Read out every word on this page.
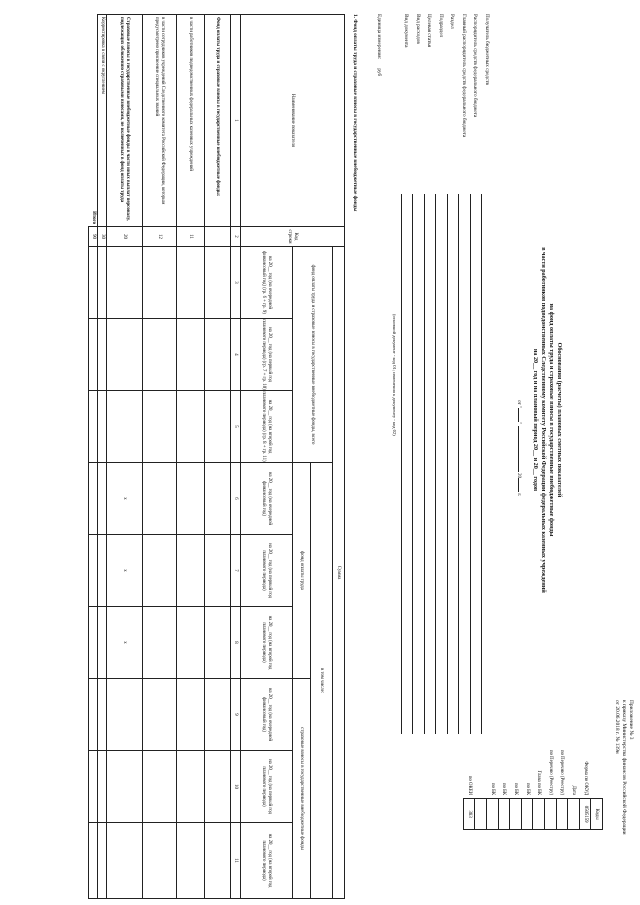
Приложение № 3
к приказу Министерства финансов Российской Федерации
от 20.06.2018 г. № 139н
Обоснования (расчеты) плановых сметных показателей
на фонд оплаты труда и страховые взносы в государственные внебюджетные фонды
в части работников подведомственных Следственному комитету Российской Федерации федеральных казенных учреждений
на 20__ год и на плановый период 20__ и 20__ годов
от ""  20 г.
	Коды
Форма по ОКУД	0505159
Дата	
по Перечню (Реестру)	
по Перечню (Реестру)	
Глава по БК	
по БК	
по БК	
по БК	
по БК	

по ОКЕИ	383
Получатель бюджетных средств
Распорядитель средств федерального бюджета
Главный распорядитель средств федерального бюджета
Раздел
Подраздел
Целевая статья
Вид расходов
Вид документа
(основной документ - код 01; изменения к документу - код 02)
Единица измерения: руб
1. Фонд оплаты труда и страховые взносы в государственные внебюджетные фонды
Наименование показателя	Код строки	Сумма								
		фонд оплаты труда и страховые взносы в государственные внебюджетные фонды, всего			в том числе:					
					фонд оплаты труда			страховые взносы в государственные внебюджетные фонды		
		на 20__ год (на очередной финансовый год) (гр. 6 + гр. 9)	на 20__ год (на первый год планового периода) (гр. 7 + гр. 10)	на 20__ год (на второй год планового периода) (гр. 8 + гр. 11)	на 20__ год (на очередной финансовый год)	на 20__ год (на первый год планового периода)	на 20__ год (на второй год планового периода)	на 20__ год (на очередной финансовый год)	на 20__ год (на первый год планового периода)	на 20__ год (на второй год планового периода)
1	2	3	4	5	6	7	8	9	10	11
Фонд оплаты труда и страховые взносы в государственные внебюджетные фонды:										
в части работников подведомственных федеральных казенных учреждений	11									
в части сотрудников учреждений Следственного комитета Российской Федерации, которым предусмотрено присвоение специальных званий	12									
Страховые взносы в государственные внебюджетные фонды в части иных выплат персоналу, подлежащих обложению страховыми взносами, не включенных в фонд оплаты труда	20				x	x	x			
Корректировка в связи с округлением	30									
Итого	90									
